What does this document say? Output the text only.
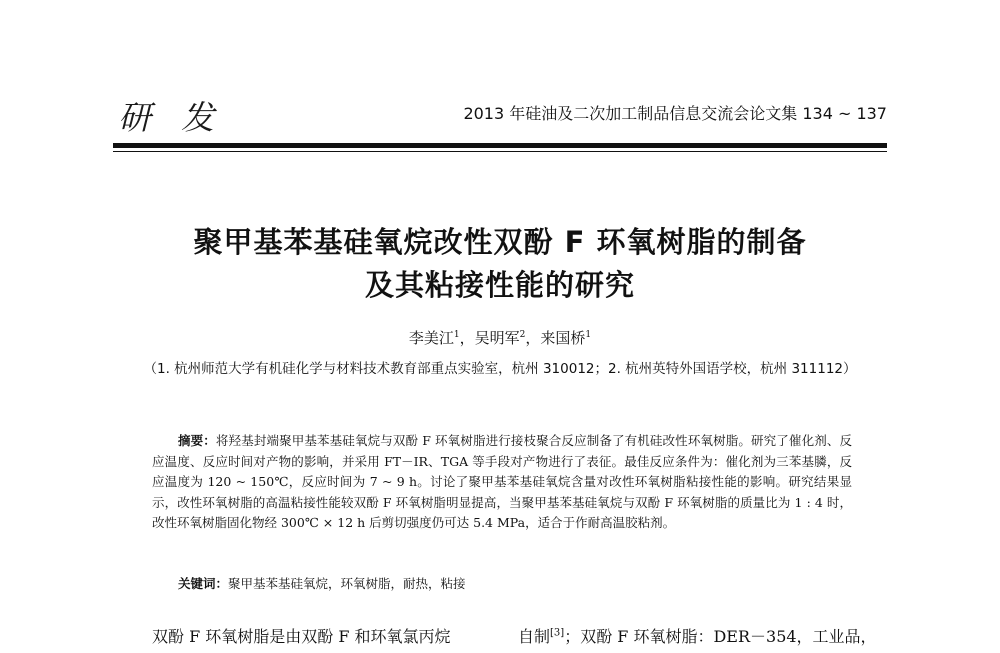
研发	2013 年硅油及二次加工制品信息交流会论文集 134 ~ 137
聚甲基苯基硅氧烷改性双酚 F 环氧树脂的制备
及其粘接性能的研究
李美江$^1$，吴明军$^2$，来国桥$^1$
（1. 杭州师范大学有机硅化学与材料技术教育部重点实验室，杭州 310012；2. 杭州英特外国语学校，杭州 311112）
摘要：将羟基封端聚甲基苯基硅氧烷与双酚 F 环氧树脂进行接枝聚合反应制备了有机硅改性环氧树脂。研究了催化剂、反应温度、反应时间对产物的影响，并采用 FT－IR、TGA 等手段对产物进行了表征。最佳反应条件为：催化剂为三苯基膦，反应温度为 120 ~ 150℃，反应时间为 7 ~ 9 h。讨论了聚甲基苯基硅氧烷含量对改性环氧树脂粘接性能的影响。研究结果显示，改性环氧树脂的高温粘接性能较双酚 F 环氧树脂明显提高，当聚甲基苯基硅氧烷与双酚 F 环氧树脂的质量比为 1 : 4 时，改性环氧树脂固化物经 300℃ × 12 h 后剪切强度仍可达 5.4 MPa，适合于作耐高温胶粘剂。
关键词：聚甲基苯基硅氧烷，环氧树脂，耐热，粘接
双酚 F 环氧树脂是由双酚 F 和环氧氯丙烷	自制[3]；双酚 F 环氧树脂：DER－354，工业品，
